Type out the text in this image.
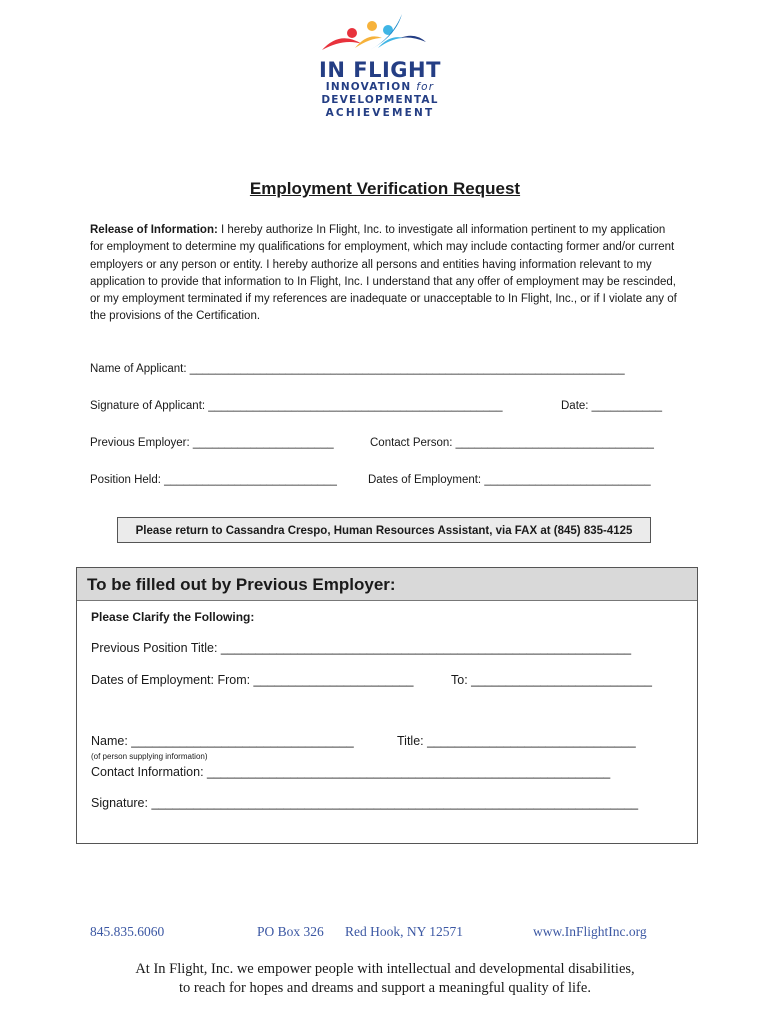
IN FLIGHT
INNOVATION for
DEVELOPMENTAL
ACHIEVEMENT
Employment Verification Request
Release of Information: I hereby authorize In Flight, Inc. to investigate all information pertinent to my application for employment to determine my qualifications for employment, which may include contacting former and/or current employers or any person or entity. I hereby authorize all persons and entities having information relevant to my application to provide that information to In Flight, Inc. I understand that any offer of employment may be rescinded, or my employment terminated if my references are inadequate or unacceptable to In Flight, Inc., or if I violate any of the provisions of the Certification.
Name of Applicant: ____________________________________________________________________
Signature of Applicant: ______________________________________________	Date: ___________
Previous Employer: ______________________	Contact Person: _______________________________
Position Held: ___________________________	Dates of Employment: __________________________
Please return to Cassandra Crespo, Human Resources Assistant, via FAX at (845) 835-4125
To be filled out by Previous Employer:
Please Clarify the Following:
Previous Position Title: ___________________________________________________________
Dates of Employment: From: _______________________	To: __________________________
Name: ________________________________	Title: ______________________________
(of person supplying information)
Contact Information: __________________________________________________________
Signature: ______________________________________________________________________
845.835.6060	PO Box 326 Red Hook, NY 12571	www.InFlightInc.org
At In Flight, Inc. we empower people with intellectual and developmental disabilities,
to reach for hopes and dreams and support a meaningful quality of life.
